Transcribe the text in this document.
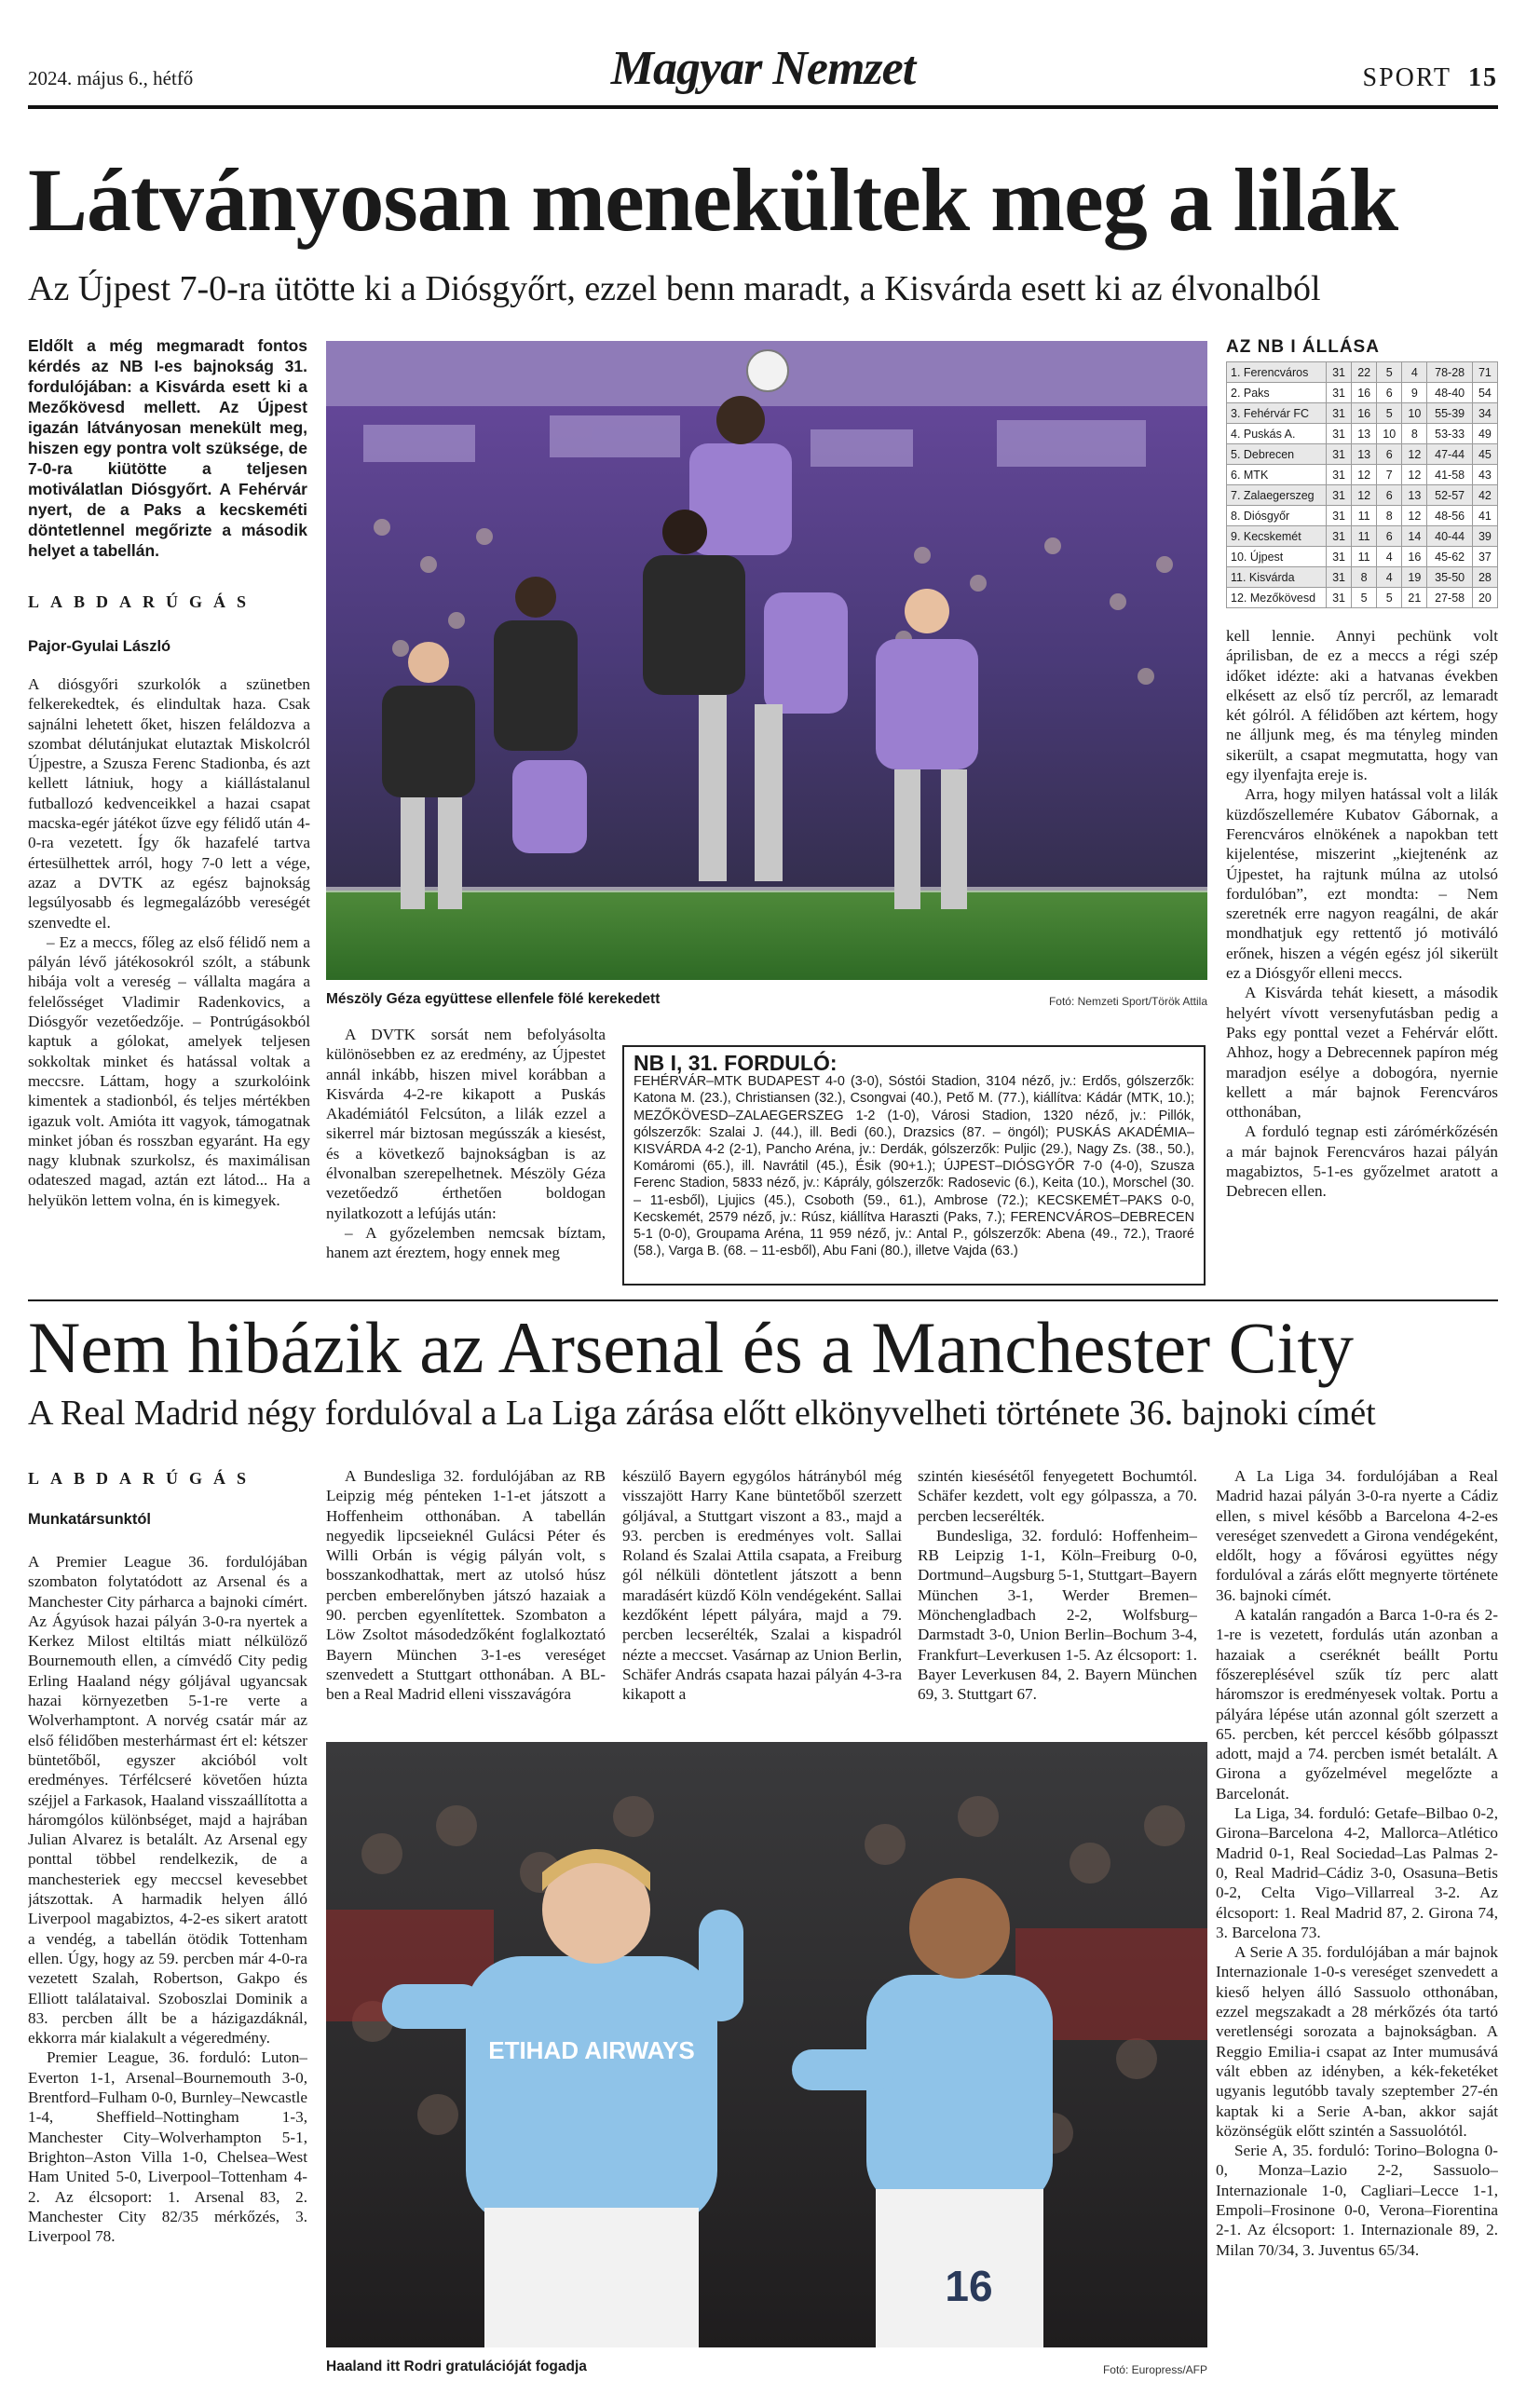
2024. május 6., hétfő	Magyar Nemzet	SPORT 15
Látványosan menekültek meg a lilák
Az Újpest 7-0-ra ütötte ki a Diósgyőrt, ezzel benn maradt, a Kisvárda esett ki az élvonalból
Eldőlt a még megmaradt fontos kérdés az NB I-es bajnokság 31. fordulójában: a Kisvárda esett ki a Mezőkövesd mellett. Az Újpest igazán látványosan menekült meg, hiszen egy pontra volt szüksége, de 7-0-ra kiütötte a teljesen motiválatlan Diósgyőrt. A Fehérvár nyert, de a Paks a kecskeméti döntetlennel megőrizte a második helyet a tabellán.
LABDARÚGÁS
Pajor-Gyulai László

A diósgyőri szurkolók a szünetben felkerekedtek, és elindultak haza. Csak sajnálni lehetett őket, hiszen feláldozva a szombat délutánjukat elutaztak Miskolcról Újpestre, a Szusza Ferenc Stadionba, és azt kellett látniuk, hogy a kiállástalanul futballozó kedvenceikkel a hazai csapat macska-egér játékot űzve egy félidő után 4-0-ra vezetett. Így ők hazafelé tartva értesülhettek arról, hogy 7-0 lett a vége, azaz a DVTK az egész bajnokság legsúlyosabb és legmegalázóbb vereségét szenvedte el.

– Ez a meccs, főleg az első félidő nem a pályán lévő játékosokról szólt, a stábunk hibája volt a vereség – vállalta magára a felelősséget Vladimir Radenkovics, a Diósgyőr vezetőedzője. – Pontrúgásokból kaptuk a gólokat, amelyek teljesen sokkoltak minket és hatással voltak a meccsre. Láttam, hogy a szurkolóink kimentek a stadionból, és teljes mértékben igazuk volt. Amióta itt vagyok, támogatnak minket jóban és rosszban egyaránt. Ha egy nagy klubnak szurkolsz, és maximálisan odateszed magad, aztán ezt látod... Ha a helyükön lettem volna, én is kimegyek.

Mészöly Géza együttese ellenfele fölé kerekedett	Fotó: Nemzeti Sport/Török Attila

A DVTK sorsát nem befolyásolta különösebben ez az eredmény, az Újpestet annál inkább, hiszen mivel korábban a Kisvárda 4-2-re kikapott a Puskás Akadémiától Felcsúton, a lilák ezzel a sikerrel már biztosan megússzák a kiesést, és a következő bajnokságban is az élvonalban szerepelhetnek. Mészöly Géza vezetőedző érthetően boldogan nyilatkozott a lefújás után:

– A győzelemben nemcsak bíztam, hanem azt éreztem, hogy ennek meg

NB I, 31. FORDULÓ:
FEHÉRVÁR–MTK BUDAPEST 4-0 (3-0), Sóstói Stadion, 3104 néző, jv.: Erdős, gólszerzők: Katona M. (23.), Christiansen (32.), Csongvai (40.), Pető M. (77.), kiállítva: Kádár (MTK, 10.); MEZŐKÖVESD–ZALAEGERSZEG 1-2 (1-0), Városi Stadion, 1320 néző, jv.: Pillók, gólszerzők: Szalai J. (44.), ill. Bedi (60.), Drazsics (87. – öngól); PUSKÁS AKADÉMIA–KISVÁRDA 4-2 (2-1), Pancho Aréna, jv.: Derdák, gólszerzők: Puljic (29.), Nagy Zs. (38., 50.), Komáromi (65.), ill. Navrátil (45.), Ésik (90+1.); ÚJPEST–DIÓSGYŐR 7-0 (4-0), Szusza Ferenc Stadion, 5833 néző, jv.: Káprály, gólszerzők: Radosevic (6.), Keita (10.), Morschel (30. – 11-esből), Ljujics (45.), Csoboth (59., 61.), Ambrose (72.); KECSKEMÉT–PAKS 0-0, Kecskemét, 2579 néző, jv.: Rúsz, kiállítva Haraszti (Paks, 7.); FERENCVÁROS–DEBRECEN 5-1 (0-0), Groupama Aréna, 11 959 néző, jv.: Antal P., gólszerzők: Abena (49., 72.), Traoré (58.), Varga B. (68. – 11-esből), Abu Fani (80.), illetve Vajda (63.)
AZ NB I ÁLLÁSA
1. Ferencváros	31	22	5	4	78-28	71
2. Paks	31	16	6	9	48-40	54
3. Fehérvár FC	31	16	5	10	55-39	34
4. Puskás A.	31	13	10	8	53-33	49
5. Debrecen	31	13	6	12	47-44	45
6. MTK	31	12	7	12	41-58	43
7. Zalaegerszeg	31	12	6	13	52-57	42
8. Diósgyőr	31	11	8	12	48-56	41
9. Kecskemét	31	11	6	14	40-44	39
10. Újpest	31	11	4	16	45-62	37
11. Kisvárda	31	8	4	19	35-50	28
12. Mezőkövesd	31	5	5	21	27-58	20

kell lennie. Annyi pechünk volt áprilisban, de ez a meccs a régi szép időket idézte: aki a hatvanas években elkésett az első tíz percről, az lemaradt két gólról. A félidőben azt kértem, hogy ne álljunk meg, és ma tényleg minden sikerült, a csapat megmutatta, hogy van egy ilyenfajta ereje is.

Arra, hogy milyen hatással volt a lilák küzdőszellemére Kubatov Gábornak, a Ferencváros elnökének a napokban tett kijelentése, miszerint „kiejtenénk az Újpestet, ha rajtunk múlna az utolsó fordulóban”, ezt mondta: – Nem szeretnék erre nagyon reagálni, de akár mondhatjuk egy rettentő jó motiváló erőnek, hiszen a végén egész jól sikerült ez a Diósgyőr elleni meccs.

A Kisvárda tehát kiesett, a második helyért vívott versenyfutásban pedig a Paks egy ponttal vezet a Fehérvár előtt. Ahhoz, hogy a Debrecennek papíron még maradjon esélye a dobogóra, nyernie kellett a már bajnok Ferencváros otthonában,

A forduló tegnap esti zárómérkőzésén a már bajnok Ferencváros hazai pályán magabiztos, 5-1-es győzelmet aratott a Debrecen ellen.

Nem hibázik az Arsenal és a Manchester City
A Real Madrid négy fordulóval a La Liga zárása előtt elkönyvelheti története 36. bajnoki címét
LABDARÚGÁS
Munkatársunktól

A Premier League 36. fordulójában szombaton folytatódott az Arsenal és a Manchester City párharca a bajnoki címért. Az Ágyúsok hazai pályán 3-0-ra nyertek a Kerkez Milost eltiltás miatt nélkülöző Bournemouth ellen, a címvédő City pedig Erling Haaland négy góljával ugyancsak hazai környezetben 5-1-re verte a Wolverhamptont. A norvég csatár már az első félidőben mesterhármast ért el: kétszer büntetőből, egyszer akcióból volt eredményes. Térfélcseré követően húzta széjjel a Farkasok, Haaland visszaállította a háromgólos különbséget, majd a hajrában Julian Alvarez is betalált. Az Arsenal egy ponttal többel rendelkezik, de a manchesteriek egy meccsel kevesebbet játszottak. A harmadik helyen álló Liverpool magabiztos, 4-2-es sikert aratott a vendég, a tabellán ötödik Tottenham ellen. Úgy, hogy az 59. percben már 4-0-ra vezetett Szalah, Robertson, Gakpo és Elliott találataival. Szoboszlai Dominik a 83. percben állt be a házigazdáknál, ekkorra már kialakult a végeredmény.

Premier League, 36. forduló: Luton–Everton 1-1, Arsenal–Bournemouth 3-0, Brentford–Fulham 0-0, Burnley–Newcastle 1-4, Sheffield–Nottingham 1-3, Manchester City–Wolverhampton 5-1, Brighton–Aston Villa 1-0, Chelsea–West Ham United 5-0, Liverpool–Tottenham 4-2. Az élcsoport: 1. Arsenal 83, 2. Manchester City 82/35 mérkőzés, 3. Liverpool 78.

A Bundesliga 32. fordulójában az RB Leipzig még pénteken 1-1-et játszott a Hoffenheim otthonában. A tabellán negyedik lipcseieknél Gulácsi Péter és Willi Orbán is végig pályán volt, s bosszankodhattak, mert az utolsó húsz percben emberelőnyben játszó hazaiak a 90. percben egyenlítettek. Szombaton a Löw Zsoltot másodedzőként foglalkoztató Bayern München 3-1-es vereséget szenvedett a Stuttgart otthonában. A BL-ben a Real Madrid elleni visszavágóra

készülő Bayern egygólos hátrányból még visszajött Harry Kane büntetőből szerzett góljával, a Stuttgart viszont a 83., majd a 93. percben is eredményes volt. Sallai Roland és Szalai Attila csapata, a Freiburg gól nélküli döntetlent játszott a benn maradásért küzdő Köln vendégeként. Sallai kezdőként lépett pályára, majd a 79. percben lecserélték, Szalai a kispadról nézte a meccset. Vasárnap az Union Berlin, Schäfer András csapata hazai pályán 4-3-ra kikapott a

szintén kiesésétől fenyegetett Bochumtól. Schäfer kezdett, volt egy gólpasszа, a 70. percben lecserélték.

Bundesliga, 32. forduló: Hoffenheim–RB Leipzig 1-1, Köln–Freiburg 0-0, Dortmund–Augsburg 5-1, Stuttgart–Bayern München 3-1, Werder Bremen–Mönchengladbach 2-2, Wolfsburg–Darmstadt 3-0, Union Berlin–Bochum 3-4, Frankfurt–Leverkusen 1-5. Az élcsoport: 1. Bayer Leverkusen 84, 2. Bayern München 69, 3. Stuttgart 67.

A La Liga 34. fordulójában a Real Madrid hazai pályán 3-0-ra nyerte a Cádiz ellen, s mivel később a Barcelona 4-2-es vereséget szenvedett a Girona vendégeként, eldőlt, hogy a fővárosi együttes négy fordulóval a zárás előtt megnyerte története 36. bajnoki címét.

A katalán rangadón a Barca 1-0-ra és 2-1-re is vezetett, fordulás után azonban a hazaiak a cseréknét beállt Portu főszereplésével szűk tíz perc alatt háromszor is eredményesek voltak. Portu a pályára lépése után azonnal gólt szerzett a 65. percben, két perccel később gólpasszt adott, majd a 74. percben ismét betalált. A Girona a győzelmével megelőzte a Barcelonát.

La Liga, 34. forduló: Getafe–Bilbao 0-2, Girona–Barcelona 4-2, Mallorca–Atlético Madrid 0-1, Real Sociedad–Las Palmas 2-0, Real Madrid–Cádiz 3-0, Osasuna–Betis 0-2, Celta Vigo–Villarreal 3-2. Az élcsoport: 1. Real Madrid 87, 2. Girona 74, 3. Barcelona 73.

A Serie A 35. fordulójában a már bajnok Internazionale 1-0-s vereséget szenvedett a kieső helyen álló Sassuolo otthonában, ezzel megszakadt a 28 mérkőzés óta tartó veretlenségi sorozata a bajnokságban. A Reggio Emilia-i csapat az Inter mumusává vált ebben az idényben, a kék-feketéket ugyanis legutóbb tavaly szeptember 27-én kaptak ki a Serie A-ban, akkor saját közönségük előtt szintén a Sassuolótól.

Serie A, 35. forduló: Torino–Bologna 0-0, Monza–Lazio 2-2, Sassuolo–Internazionale 1-0, Cagliari–Lecce 1-1, Empoli–Frosinone 0-0, Verona–Fiorentina 2-1. Az élcsoport: 1. Internazionale 89, 2. Milan 70/34, 3. Juventus 65/34.

ETIHAD AIRWAYS
16
Haaland itt Rodri gratulációját fogadja	Fotó: Europress/AFP
